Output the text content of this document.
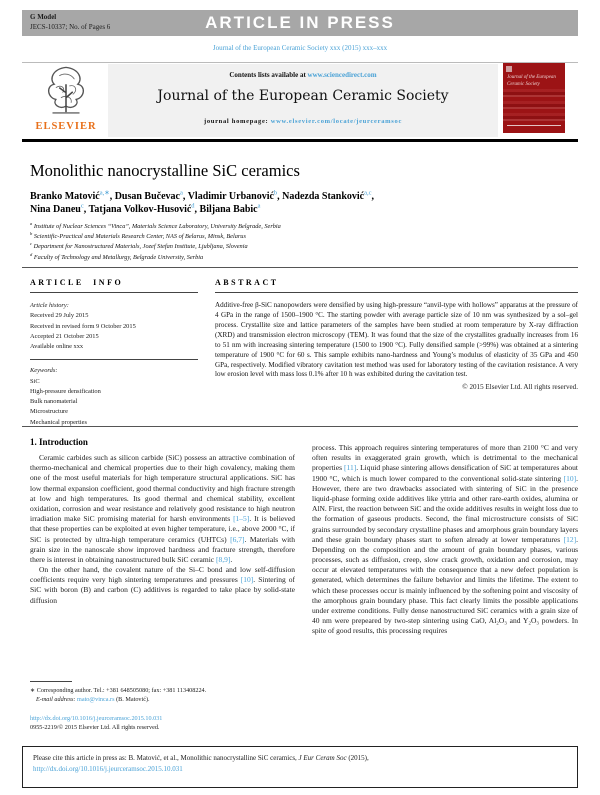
G Model
JECS-10337; No. of Pages 6	ARTICLE IN PRESS
Journal of the European Ceramic Society xxx (2015) xxx–xxx
ELSEVIER
Contents lists available at www.sciencedirect.com
Journal of the European Ceramic Society
journal homepage: www.elsevier.com/locate/jeurceramsoc
Journal of the European Ceramic Society
Monolithic nanocrystalline SiC ceramics
Branko Matović$^{a,∗}$, Dusan Bučevac$^a$, Vladimir Urbanović$^b$, Nadezda Stanković$^{a,c}$,
Nina Daneu$^c$, Tatjana Volkov-Husović$^d$, Biljana Babic$^a$
$^a$ Institute of Nuclear Sciences “Vinca”, Materials Science Laboratory, University Belgrade, Serbia
$^b$ Scientific-Practical and Materials Research Center, NAS of Belarus, Minsk, Belarus
$^c$ Department for Nanostructured Materials, Jozef Stefan Institute, Ljubljana, Slovenia
$^d$ Faculty of Technology and Metallurgy, Belgrade University, Serbia
ARTICLE INFO
Article history:
Received 29 July 2015
Received in revised form 9 October 2015
Accepted 21 October 2015
Available online xxx
Keywords:
SiC
High-pressure densification
Bulk nanomaterial
Microstructure
Mechanical properties
ABSTRACT
Additive-free β-SiC nanopowders were densified by using high-pressure “anvil-type with hollows” apparatus at the pressure of 4 GPa in the range of 1500–1900 °C. The starting powder with average particle size of 10 nm was synthesized by a sol–gel process. Crystallite size and lattice parameters of the samples have been studied at room temperature by X-ray diffraction (XRD) and transmission electron microscopy (TEM). It was found that the size of the crystallites gradually increases from 16 to 51 nm with increasing sintering temperature (1500 to 1900 °C). Fully densified sample (>99%) was obtained at a sintering temperature of 1900 °C for 60 s. This sample exhibits nano-hardness and Young’s modulus of elasticity of 35 GPa and 450 GPa, respectively. Modified vibratory cavitation test method was used for laboratory testing of the cavitation resistance. A very low erosion level with mass loss 0.1% after 10 h was exhibited during the cavitation test.
© 2015 Elsevier Ltd. All rights reserved.
1. Introduction

Ceramic carbides such as silicon carbide (SiC) possess an attractive combination of thermo-mechanical and chemical properties due to their high covalency, making them one of the most useful materials for high temperature structural applications. SiC has low thermal expansion coefficient, good thermal conductivity and high fracture strength at low and high temperatures. Its good thermal and chemical stability, excellent oxidation, corrosion and wear resistance and relatively good resistance to high neutron irradiation make SiC promising material for harsh environments [1–5]. It is believed that these properties can be exploited at even higher temperature, i.e., above 2000 °C, if SiC is protected by ultra-high temperature ceramics (UHTCs) [6,7]. Materials with grain size in the nanoscale show improved hardness and fracture strength, therefore there is interest in obtaining nanostructured bulk SiC ceramic [8,9].

On the other hand, the covalent nature of the Si–C bond and low self-diffusion coefficients require very high sintering temperatures and pressures [10]. Sintering of SiC with boron (B) and carbon (C) additives is regarded to take place by solid-state diffusion

process. This approach requires sintering temperatures of more than 2100 °C and very often results in exaggerated grain growth, which is detrimental to the mechanical properties [11]. Liquid phase sintering allows densification of SiC at temperatures about 1900 °C, which is much lower compared to the conventional solid-state sintering [10]. However, there are two drawbacks associated with sintering of SiC in the presence liquid-phase forming oxide additives like yttria and other rare-earth oxides, alumina or AlN. First, the reaction between SiC and the oxide additives results in weight loss due to the formation of gaseous products. Second, the final microstructure consists of SiC grains surrounded by secondary crystalline phases and amorphous grain boundary layers and these grain boundary phases start to soften already at lower temperatures [12]. Depending on the composition and the amount of grain boundary phases, various processes, such as diffusion, creep, slow crack growth, oxidation and corrosion, may occur at elevated temperatures with the consequence that a new defect population is generated, which determines the failure behavior and limits the lifetime. The extent to which these processes occur is mainly influenced by the softening point and viscosity of the amorphous grain boundary phase. This fact clearly limits the possible applications under extreme conditions. Fully dense nanostructured SiC ceramics with a grain size of 40 nm were prepeared by two-step sintering using CaO, Al₂O₃ and Y₂O₃ powders. In spite of good results, this processing requires

∗ Corresponding author. Tel.: +381 648505080; fax: +381 113408224.
E-mail address: mato@vinca.rs (B. Matović).
http://dx.doi.org/10.1016/j.jeurceramsoc.2015.10.031
0955-2219/© 2015 Elsevier Ltd. All rights reserved.
Please cite this article in press as: B. Matović, et al., Monolithic nanocrystalline SiC ceramics, J Eur Ceram Soc (2015),
http://dx.doi.org/10.1016/j.jeurceramsoc.2015.10.031
